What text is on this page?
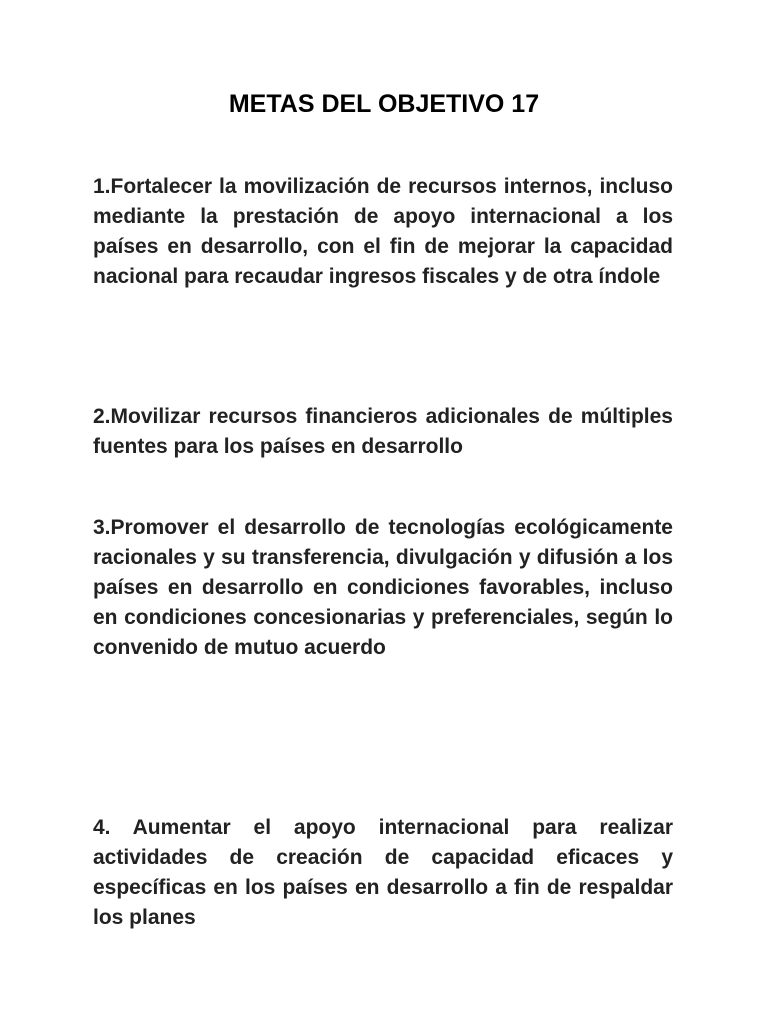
METAS DEL OBJETIVO 17

1.Fortalecer la movilización de recursos internos, incluso mediante la prestación de apoyo internacional a los países en desarrollo, con el fin de mejorar la capacidad nacional para recaudar ingresos fiscales y de otra índole

2.Movilizar recursos financieros adicionales de múltiples fuentes para los países en desarrollo

3.Promover el desarrollo de tecnologías ecológicamente racionales y su transferencia, divulgación y difusión a los países en desarrollo en condiciones favorables, incluso en condiciones concesionarias y preferenciales, según lo convenido de mutuo acuerdo

4. Aumentar el apoyo internacional para realizar actividades de creación de capacidad eficaces y específicas en los países en desarrollo a fin de respaldar los planes
